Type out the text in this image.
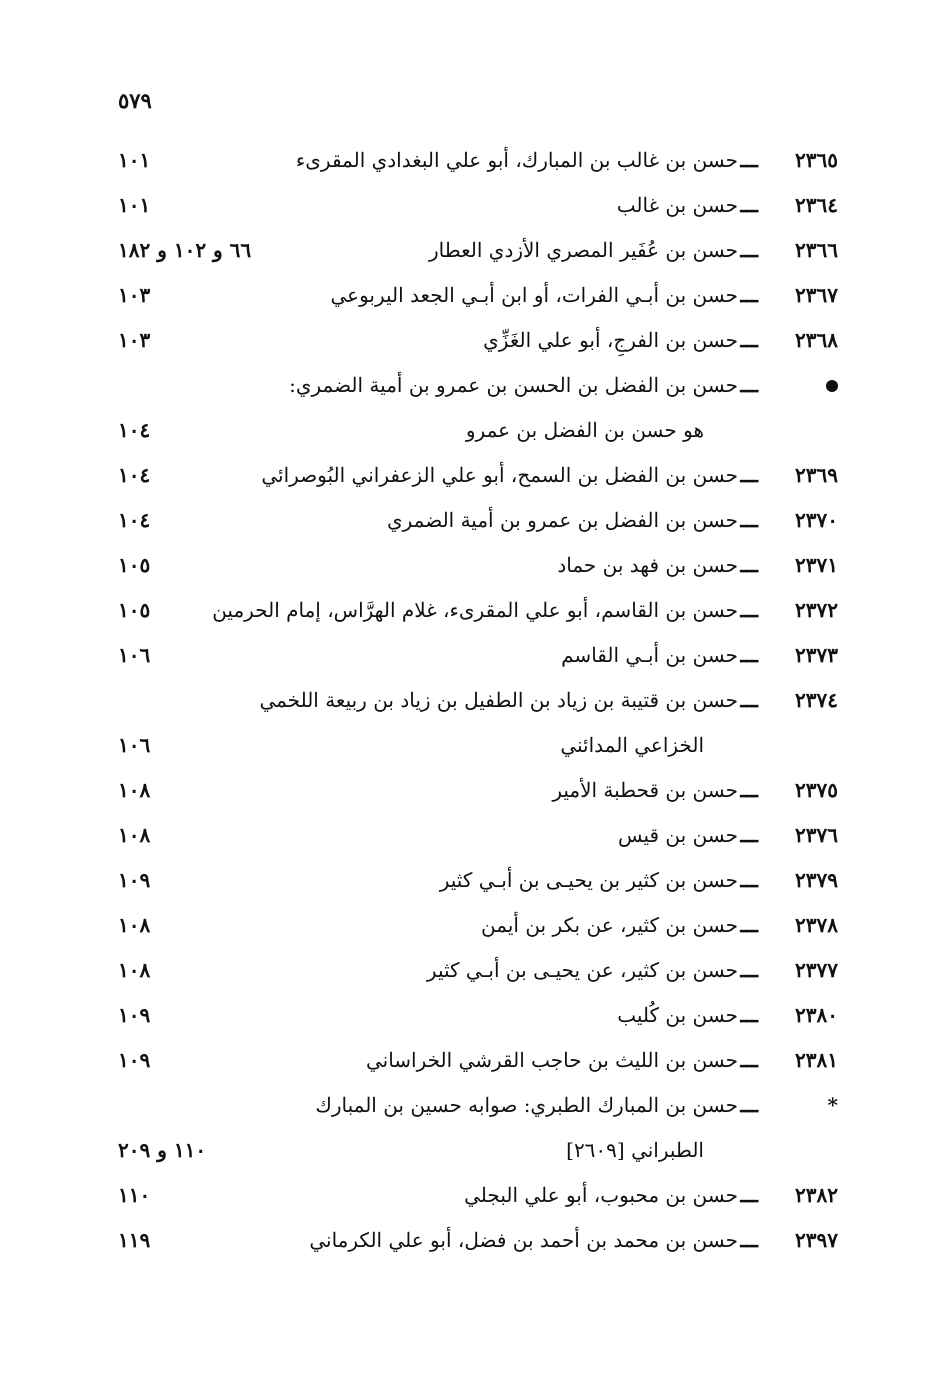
٥٧٩
٢٣٦٥
ـــ
حسن بن غالب بن المبارك، أبو علي البغدادي المقرىء
١٠١
٢٣٦٤
ـــ
حسن بن غالب
١٠١
٢٣٦٦
ـــ
حسن بن عُفَير المصري الأزدي العطار
٦٦ و ١٠٢ و ١٨٢
٢٣٦٧
ـــ
حسن بن أبـي الفرات، أو ابن أبـي الجعد اليربوعي
١٠٣
٢٣٦٨
ـــ
حسن بن الفرجِ، أبو علي الغَزِّي
١٠٣
ـــ
حسن بن الفضل بن الحسن بن عمرو بن أمية الضمري:
هو حسن بن الفضل بن عمرو
١٠٤
٢٣٦٩
ـــ
حسن بن الفضل بن السمح، أبو علي الزعفراني البُوصرائي
١٠٤
٢٣٧٠
ـــ
حسن بن الفضل بن عمرو بن أمية الضمري
١٠٤
٢٣٧١
ـــ
حسن بن فهد بن حماد
١٠٥
٢٣٧٢
ـــ
حسن بن القاسم، أبو علي المقرىء، غلام الهرَّاس، إمام الحرمين
١٠٥
٢٣٧٣
ـــ
حسن بن أبـي القاسم
١٠٦
٢٣٧٤
ـــ
حسن بن قتيبة بن زياد بن الطفيل بن زياد بن ربيعة اللخمي
الخزاعي المدائني
١٠٦
٢٣٧٥
ـــ
حسن بن قحطبة الأمير
١٠٨
٢٣٧٦
ـــ
حسن بن قيس
١٠٨
٢٣٧٩
ـــ
حسن بن كثير بن يحيـى بن أبـي كثير
١٠٩
٢٣٧٨
ـــ
حسن بن كثير، عن بكر بن أيمن
١٠٨
٢٣٧٧
ـــ
حسن بن كثير، عن يحيـى بن أبـي كثير
١٠٨
٢٣٨٠
ـــ
حسن بن كُليب
١٠٩
٢٣٨١
ـــ
حسن بن الليث بن حاجب القرشي الخراساني
١٠٩
*
ـــ
حسن بن المبارك الطبري: صوابه حسين بن المبارك
الطبراني [٢٦٠٩]
١١٠ و ٢٠٩
٢٣٨٢
ـــ
حسن بن محبوب، أبو علي البجلي
١١٠
٢٣٩٧
ـــ
حسن بن محمد بن أحمد بن فضل، أبو علي الكرماني
١١٩
